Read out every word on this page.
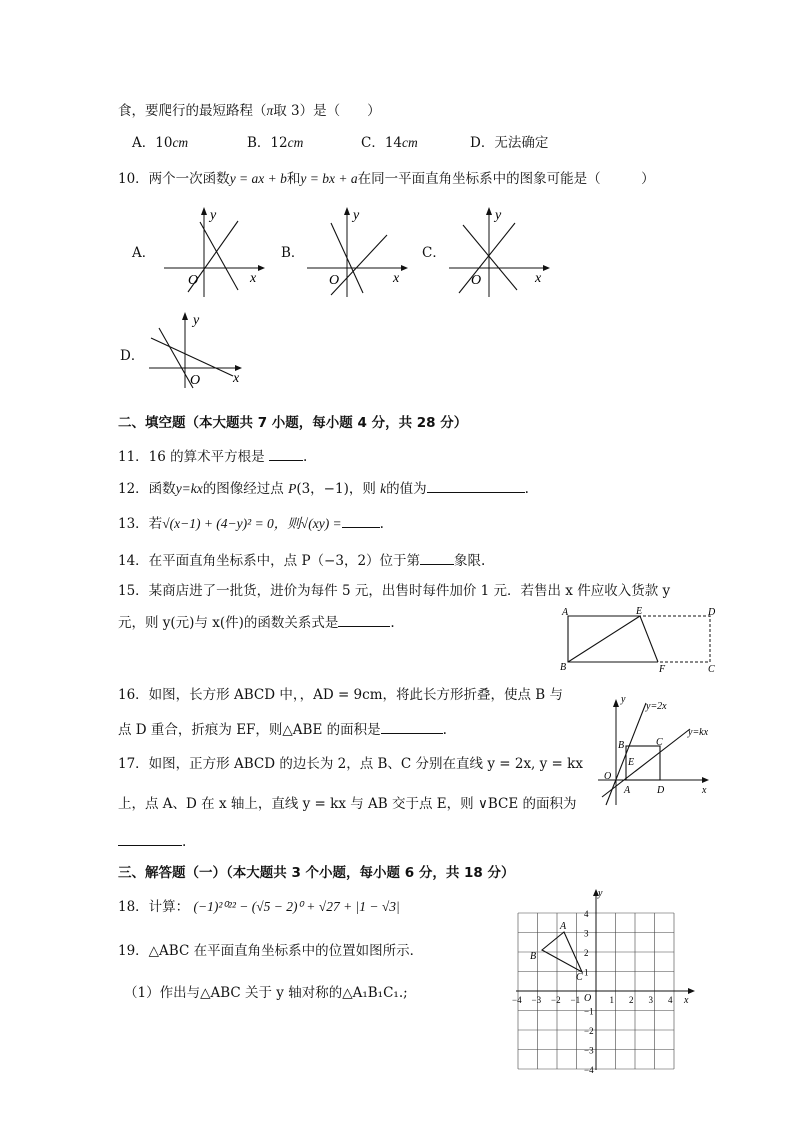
食，要爬行的最短路程（π取 3）是（　　）
A．10cm	B．12cm	C．14cm	D．无法确定
10．两个一次函数y = ax + b和y = bx + a在同一平面直角坐标系中的图象可能是（　　　）
A．	B．	C．
D．
y
x
O
y
x
O
y
x
O
y
x
O
二、填空题（本大题共 7 小题，每小题 4 分，共 28 分）
11．16 的算术平方根是	.
12．函数y=kx的图像经过点 P(3，−1)，则 k的值为	.
13．若√(x−1) + (4−y)² = 0，则√(xy) =	.
14．在平面直角坐标系中，点 P（−3，2）位于第	象限.
15．某商店进了一批货，进价为每件 5 元，出售时每件加价 1 元．若售出 x 件应收入货款 y
元，则 y(元)与 x(件)的函数关系式是	.
A
B	C
D
E
F
16．如图，长方形 ABCD 中，，AD = 9cm，将此长方形折叠，使点 B 与
点 D 重合，折痕为 EF，则△ABE 的面积是	.
17．如图，正方形 ABCD 的边长为 2，点 B、C 分别在直线 y = 2x, y = kx
上，点 A、D 在 x 轴上，直线 y = kx 与 AB 交于点 E，则 ∨BCE 的面积为
.
y
y=2x
y=kx
x
O
A
B	C
D
E
三、解答题（一）（本大题共 3 个小题，每小题 6 分，共 18 分）
18．计算： (−1)²⁰²² − (√5 − 2)⁰ + √27 + |1 − √3|
19．△ABC 在平面直角坐标系中的位置如图所示．
（1）作出与△ABC 关于 y 轴对称的△A₁B₁C₁.;
y
x
O
A
B
C
−4 −3 −2 −1	1 2 3 4
4
3
2
1
−1
−2
−3
−4
